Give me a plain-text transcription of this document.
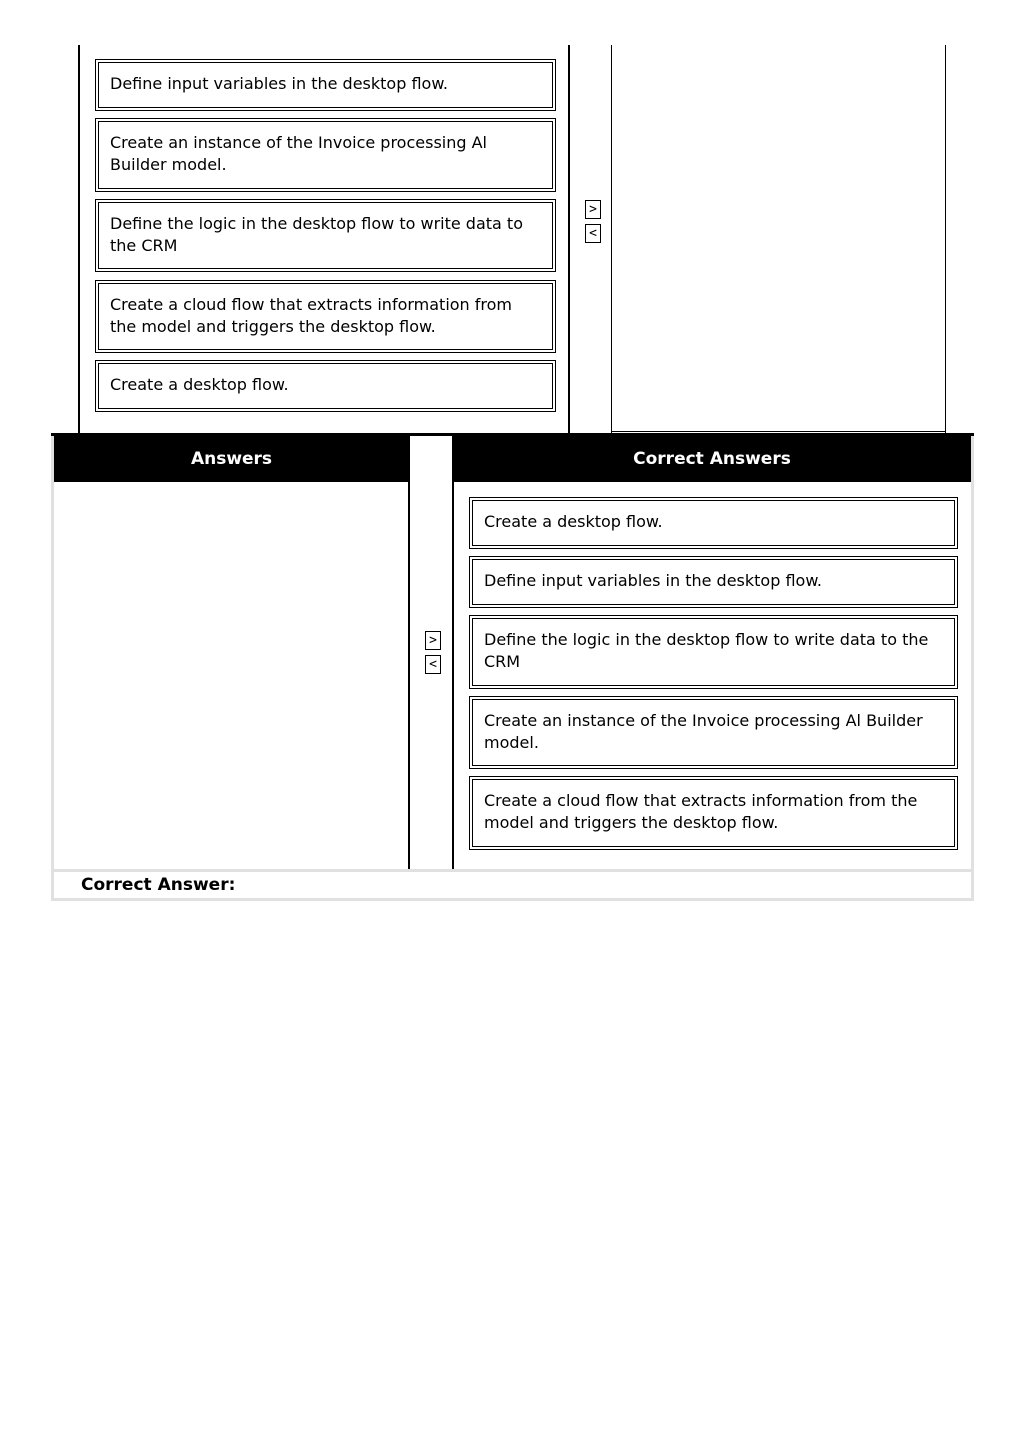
Define input variables in the desktop flow.
Create an instance of the Invoice processing Al Builder model.
Define the logic in the desktop flow to write data to the CRM
Create a cloud flow that extracts information from the model and triggers the desktop flow.
Create a desktop flow.
>
<
Answers	Correct Answers
>
<
Create a desktop flow.
Define input variables in the desktop flow.
Define the logic in the desktop flow to write data to the CRM
Create an instance of the Invoice processing Al Builder model.
Create a cloud flow that extracts information from the model and triggers the desktop flow.
Correct Answer:
